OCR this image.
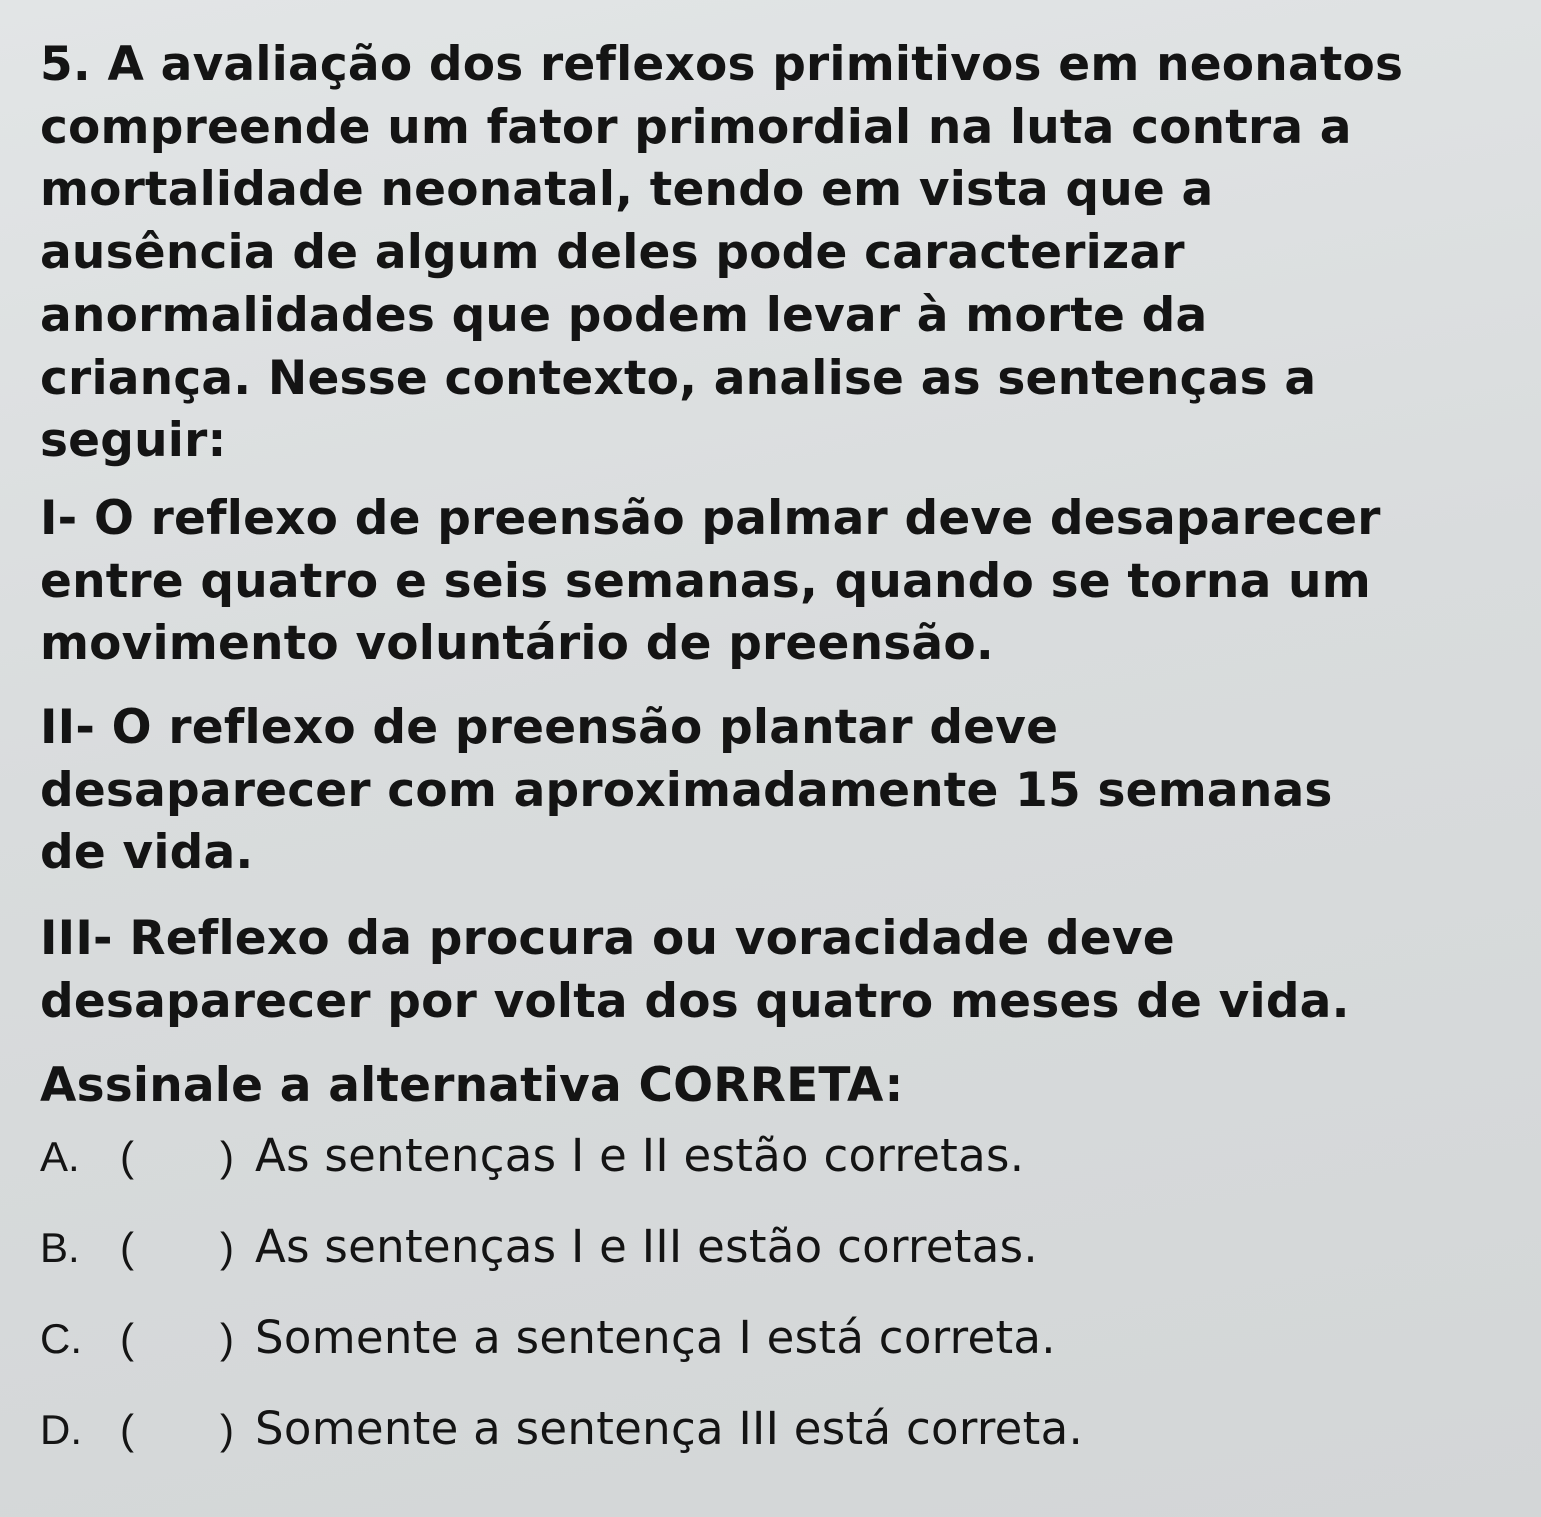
5. A avaliação dos reflexos primitivos em neonatos

compreende um fator primordial na luta contra a

mortalidade neonatal, tendo em vista que a

ausência de algum deles pode caracterizar

anormalidades que podem levar à morte da

criança. Nesse contexto, analise as sentenças a

seguir:

I- O reflexo de preensão palmar deve desaparecer

entre quatro e seis semanas, quando se torna um

movimento voluntário de preensão.

II- O reflexo de preensão plantar deve

desaparecer com aproximadamente 15 semanas

de vida.

III- Reflexo da procura ou voracidade deve

desaparecer por volta dos quatro meses de vida.

Assinale a alternativa CORRETA:

A. (	) As sentenças I e II estão corretas.
B. (	) As sentenças I e III estão corretas.
C. (	) Somente a sentença I está correta.
D. (	) Somente a sentença III está correta.
